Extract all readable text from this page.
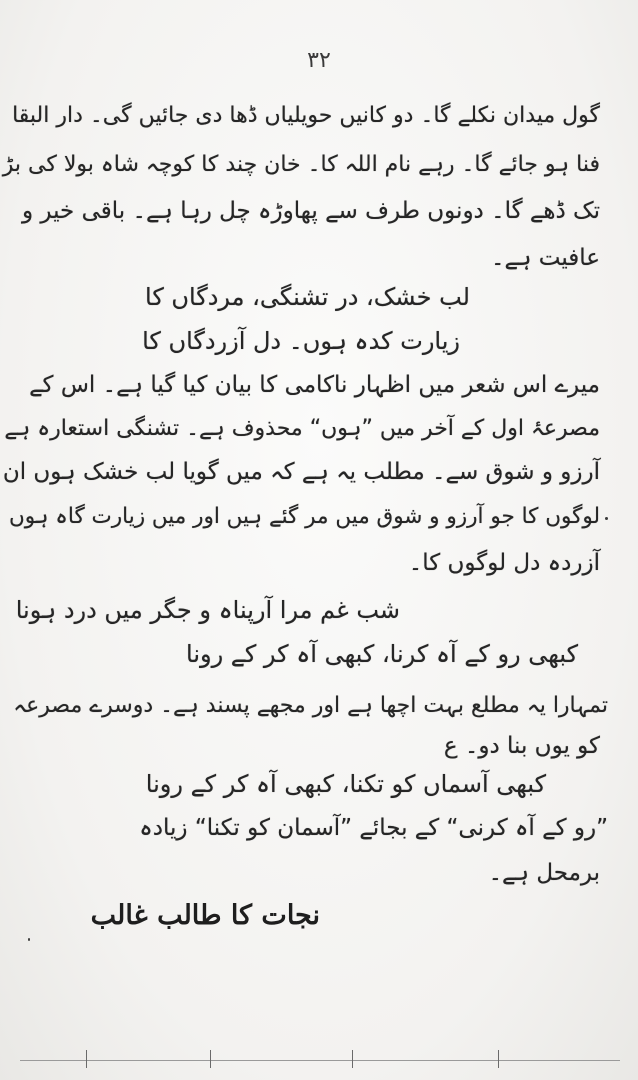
۳۲
گول میدان نکلے گا۔ دو کانیں حویلیاں ڈھا دی جائیں گی۔ دار البقا
فنا ہو جائے گا۔ رہے نام اللہ کا۔ خان چند کا کوچہ شاہ بولا کی بڑ
تک ڈھے گا۔ دونوں طرف سے پھاوڑہ چل رہا ہے۔ باقی خیر و
عافیت ہے۔
لب خشک، در تشنگی، مردگاں کا
زیارت کدہ ہوں۔ دل آزردگاں کا
میرے اس شعر میں اظہار ناکامی کا بیان کیا گیا ہے۔ اس کے
مصرعۂ اول کے آخر میں ”ہوں“ محذوف ہے۔ تشنگی استعارہ ہے
آرزو و شوق سے۔ مطلب یہ ہے کہ میں گویا لب خشک ہوں ان
لوگوں کا جو آرزو و شوق میں مر گئے ہیں اور میں زیارت گاہ ہوں
آزردہ دل لوگوں کا۔
شب غم مرا آرپناہ و جگر میں درد ہونا
کبھی رو کے آہ کرنا، کبھی آہ کر کے رونا
تمہارا یہ مطلع بہت اچھا ہے اور مجھے پسند ہے۔ دوسرے مصرعہ
کو یوں بنا دو۔ ع
کبھی آسماں کو تکنا، کبھی آہ کر کے رونا
”رو کے آہ کرنی“ کے بجائے ”آسمان کو تکنا“ زیادہ
برمحل ہے۔
نجات کا طالب غالب
